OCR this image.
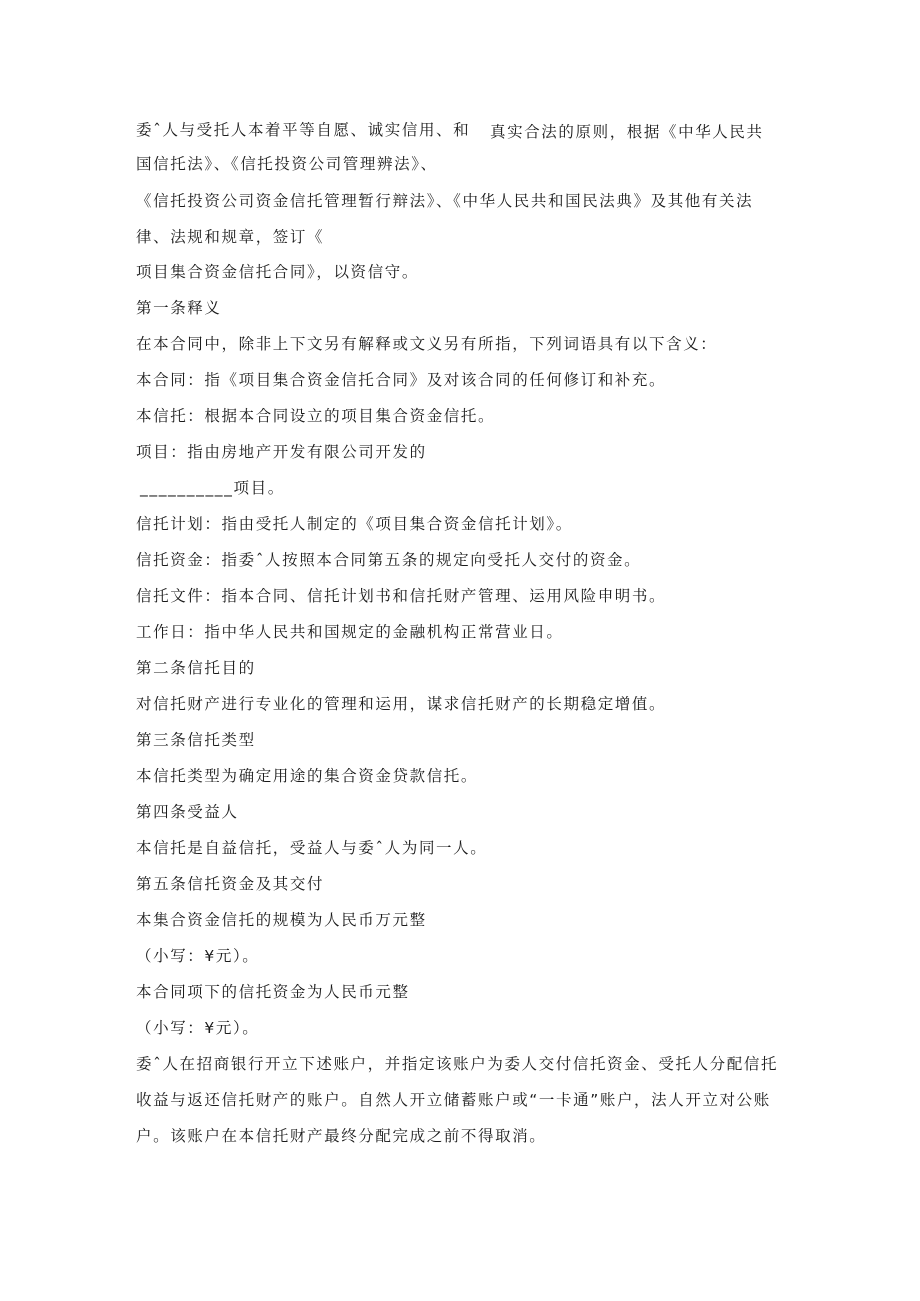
委ˆ人与受托人本着平等自愿、诚实信用、和 真实合法的原则，根据《中华人民共

国信托法》、《信托投资公司管理辨法》、

《信托投资公司资金信托管理暂行辩法》、《中华人民共和国民法典》及其他有关法

律、法规和规章，签订《

项目集合资金信托合同》，以资信守。

第一条释义

在本合同中，除非上下文另有解释或文义另有所指，下列词语具有以下含义：

本合同：指《项目集合资金信托合同》及对该合同的任何修订和补充。

本信托：根据本合同设立的项目集合资金信托。

项目：指由房地产开发有限公司开发的

__________项目。

信托计划：指由受托人制定的《项目集合资金信托计划》。

信托资金：指委ˆ人按照本合同第五条的规定向受托人交付的资金。

信托文件：指本合同、信托计划书和信托财产管理、运用风险申明书。

工作日：指中华人民共和国规定的金融机构正常营业日。

第二条信托目的

对信托财产进行专业化的管理和运用，谋求信托财产的长期稳定增值。

第三条信托类型

本信托类型为确定用途的集合资金贷款信托。

第四条受益人

本信托是自益信托，受益人与委ˆ人为同一人。

第五条信托资金及其交付

本集合资金信托的规模为人民币万元整

（小写：¥元）。

本合同项下的信托资金为人民币元整

（小写：¥元）。

委ˆ人在招商银行开立下述账户，并指定该账户为委人交付信托资金、受托人分配信托

收益与返还信托财产的账户。自然人开立储蓄账户或“一卡通”账户，法人开立对公账

户。该账户在本信托财产最终分配完成之前不得取消。
